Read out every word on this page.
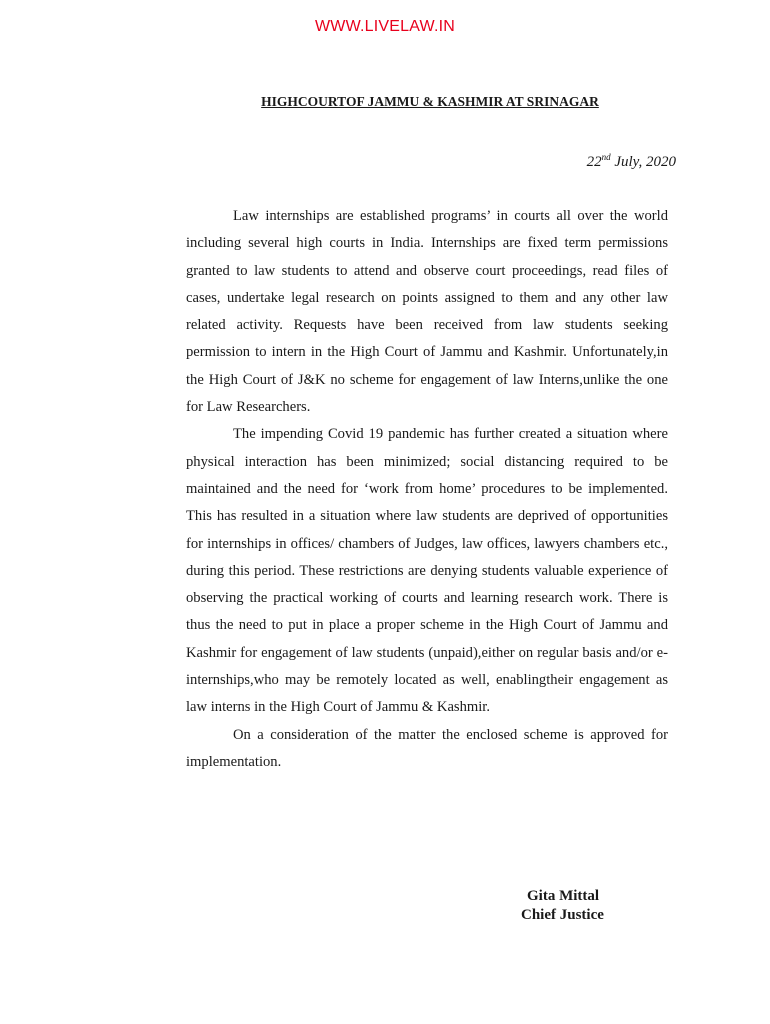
WWW.LIVELAW.IN
HIGHCOURTOF JAMMU & KASHMIR AT SRINAGAR
22nd July, 2020

Law internships are established programs’ in courts all over the world including several high courts in India. Internships are fixed term permissions granted to law students to attend and observe court proceedings, read files of cases, undertake legal research on points assigned to them and any other law related activity. Requests have been received from law students seeking permission to intern in the High Court of Jammu and Kashmir. Unfortunately,in the High Court of J&K no scheme for engagement of law Interns,unlike the one for Law Researchers.

The impending Covid 19 pandemic has further created a situation where physical interaction has been minimized; social distancing required to be maintained and the need for ‘work from home’ procedures to be implemented. This has resulted in a situation where law students are deprived of opportunities for internships in offices/ chambers of Judges, law offices, lawyers chambers etc., during this period. These restrictions are denying students valuable experience of observing the practical working of courts and learning research work. There is thus the need to put in place a proper scheme in the High Court of Jammu and Kashmir for engagement of law students (unpaid),either on regular basis and/or e-internships,who may be remotely located as well, enablingtheir engagement as law interns in the High Court of Jammu & Kashmir.

On a consideration of the matter the enclosed scheme is approved for implementation.

Gita Mittal
Chief Justice
